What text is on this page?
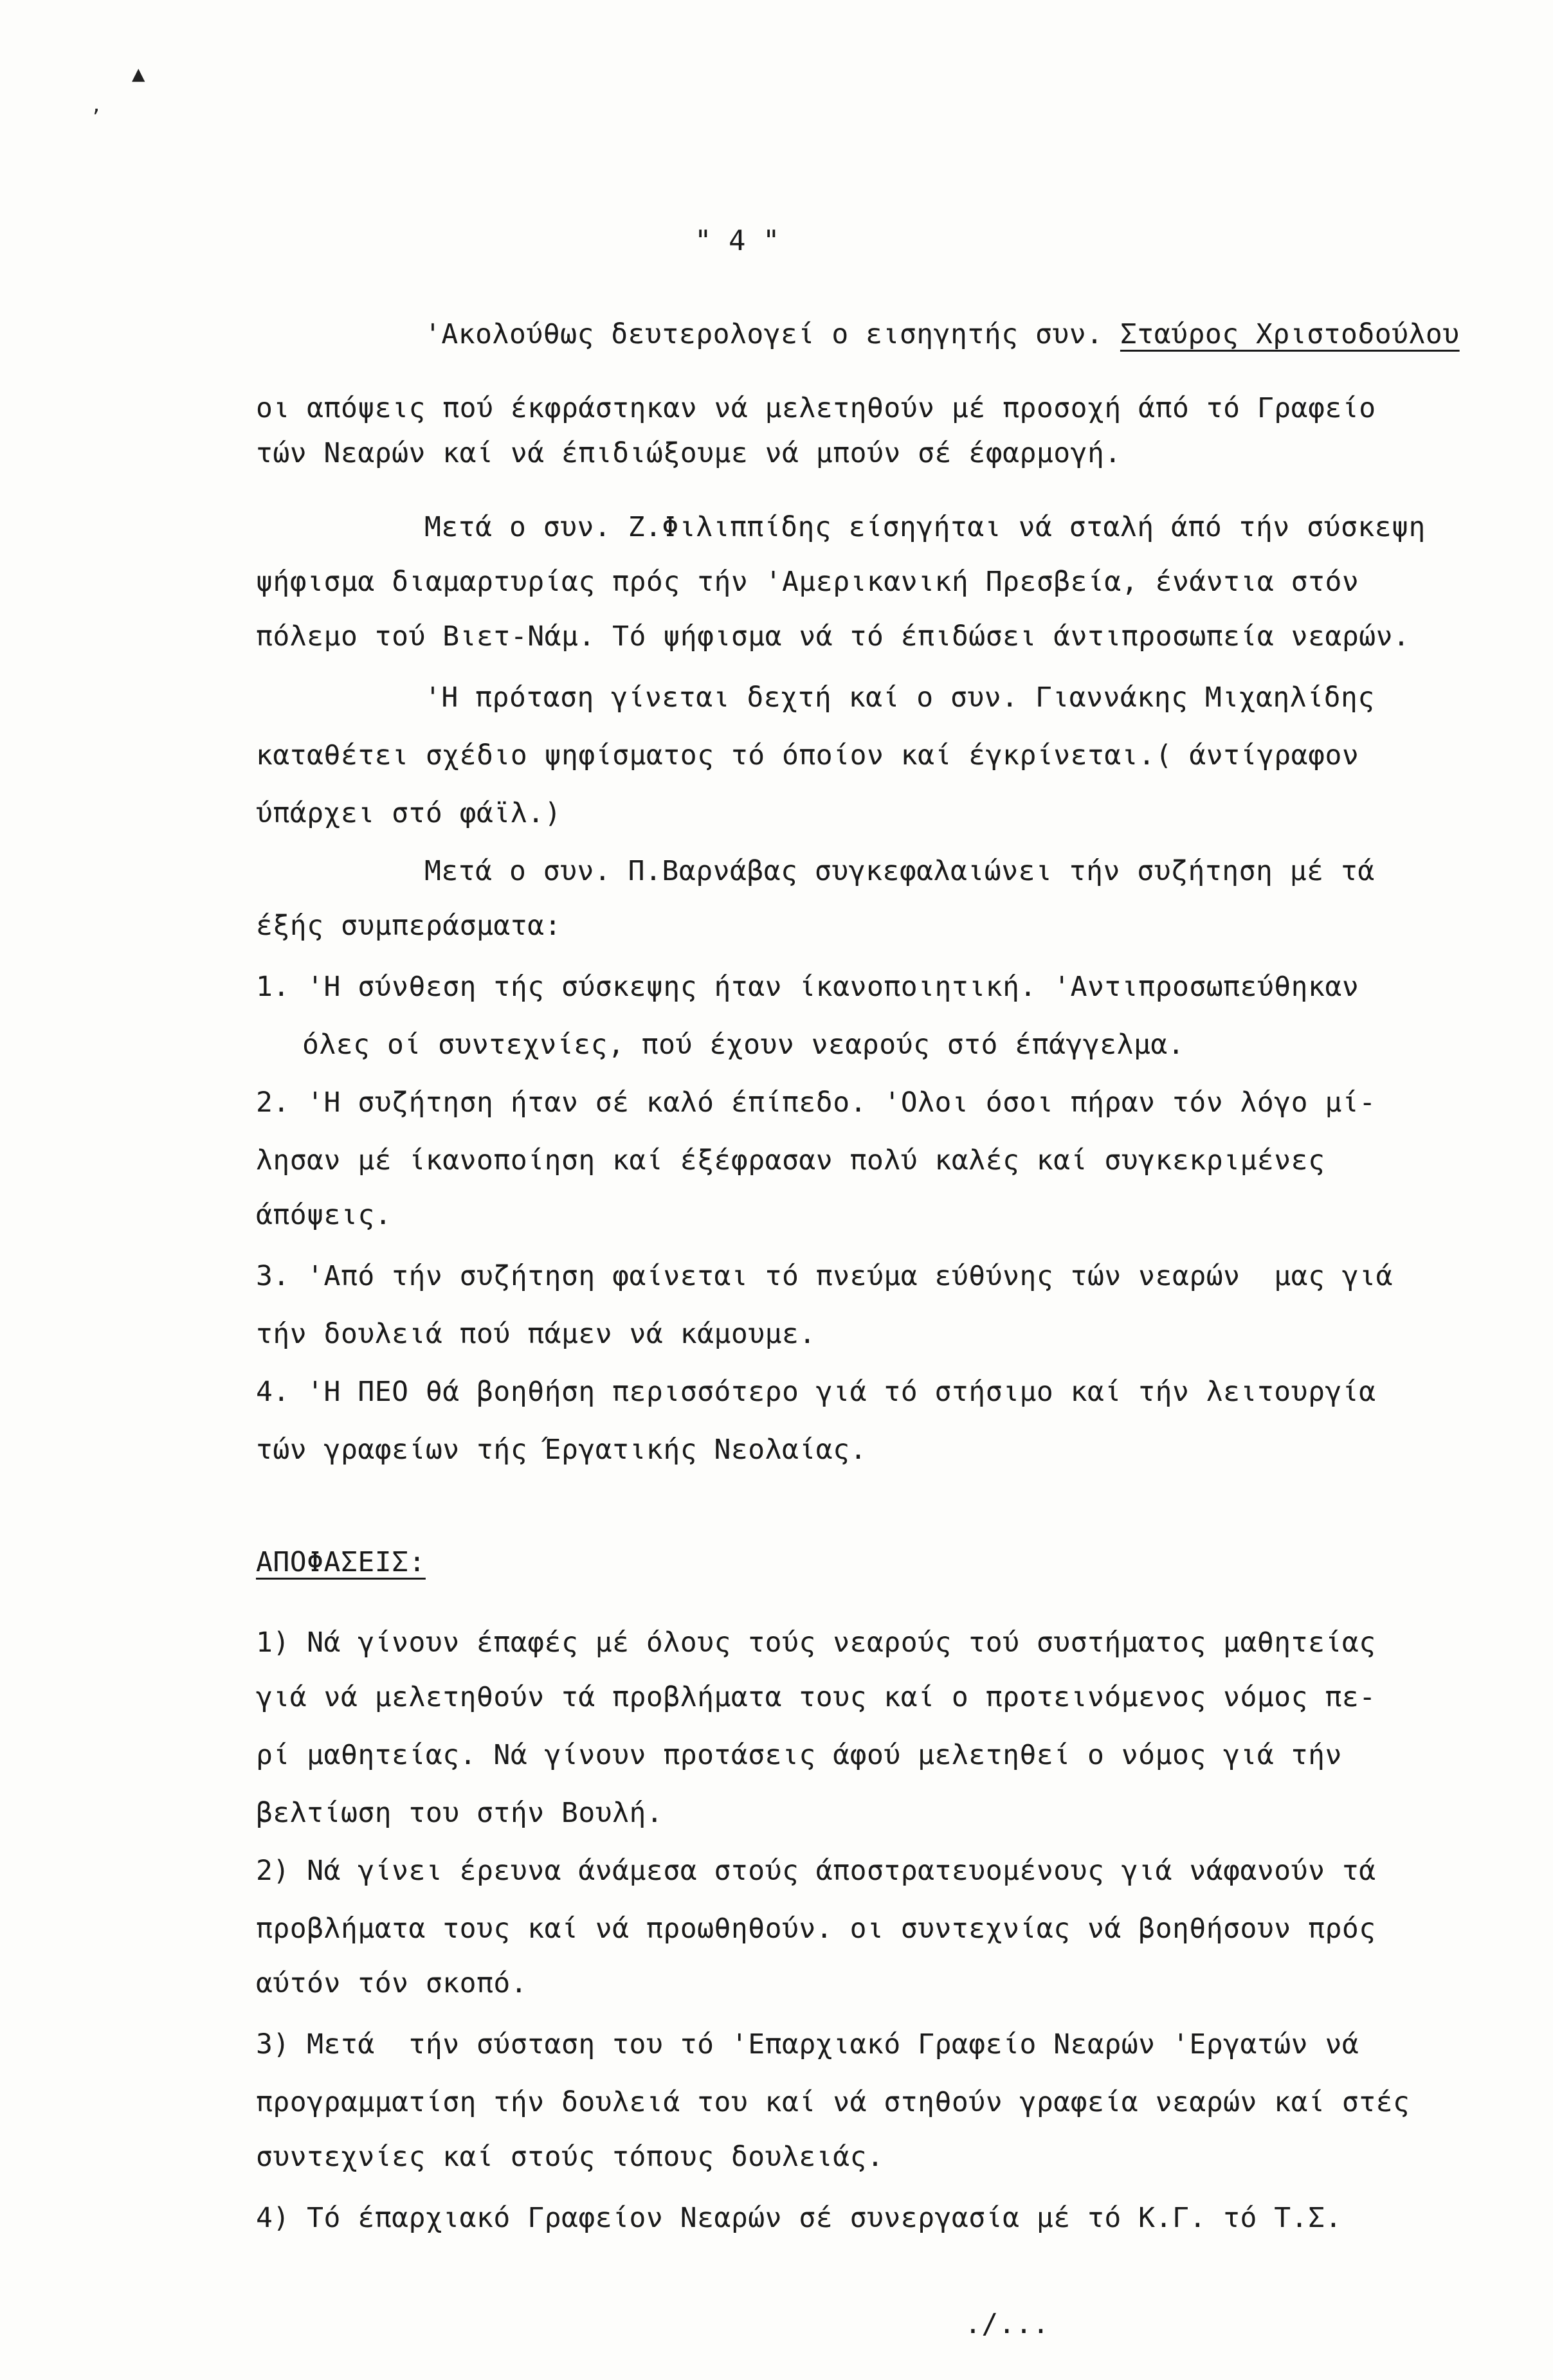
▲
’
" 4 "
'Ακολούθως δευτερολογεί ο εισηγητής συν. Σταύρος Χριστοδούλου
οι απόψεις πού έκφράστηκαν νά μελετηθούν μέ προσοχή άπό τό Γραφείο
τών Νεαρών καί νά έπιδιώξουμε νά μπούν σέ έφαρμογή.
Μετά ο συν. Ζ.Φιλιππίδης είσηγήται νά σταλή άπό τήν σύσκεψη
ψήφισμα διαμαρτυρίας πρός τήν 'Αμερικανική Πρεσβεία, ένάντια στόν
πόλεμο τού Βιετ-Νάμ. Τό ψήφισμα νά τό έπιδώσει άντιπροσωπεία νεαρών.
'Η πρόταση γίνεται δεχτή καί ο συν. Γιαννάκης Μιχαηλίδης
καταθέτει σχέδιο ψηφίσματος τό όποίον καί έγκρίνεται.( άντίγραφον
ύπάρχει στό φάϊλ.)
Μετά ο συν. Π.Βαρνάβας συγκεφαλαιώνει τήν συζήτηση μέ τά
έξής συμπεράσματα:
1. 'Η σύνθεση τής σύσκεψης ήταν ίκανοποιητική. 'Αντιπροσωπεύθηκαν
όλες οί συντεχνίες, πού έχουν νεαρούς στό έπάγγελμα.
2. 'Η συζήτηση ήταν σέ καλό έπίπεδο. 'Ολοι όσοι πήραν τόν λόγο μί-
λησαν μέ ίκανοποίηση καί έξέφρασαν πολύ καλές καί συγκεκριμένες
άπόψεις.
3. 'Από τήν συζήτηση φαίνεται τό πνεύμα εύθύνης τών νεαρών  μας γιά
τήν δουλειά πού πάμεν νά κάμουμε.
4. 'Η ΠΕΟ θά βοηθήση περισσότερο γιά τό στήσιμο καί τήν λειτουργία
τών γραφείων τής Έργατικής Νεολαίας.
ΑΠΟΦΑΣΕΙΣ:
1) Νά γίνουν έπαφές μέ όλους τούς νεαρούς τού συστήματος μαθητείας
γιά νά μελετηθούν τά προβλήματα τους καί ο προτεινόμενος νόμος πε-
ρί μαθητείας. Νά γίνουν προτάσεις άφού μελετηθεί ο νόμος γιά τήν
βελτίωση του στήν Βουλή.
2) Νά γίνει έρευνα άνάμεσα στούς άποστρατευομένους γιά νάφανούν τά
προβλήματα τους καί νά προωθηθούν. οι συντεχνίας νά βοηθήσουν πρός
αύτόν τόν σκοπό.
3) Μετά  τήν σύσταση του τό 'Επαρχιακό Γραφείο Νεαρών 'Εργατών νά
προγραμματίση τήν δουλειά του καί νά στηθούν γραφεία νεαρών καί στές
συντεχνίες καί στούς τόπους δουλειάς.
4) Τό έπαρχιακό Γραφείον Νεαρών σέ συνεργασία μέ τό Κ.Γ. τό Τ.Σ.
./...
